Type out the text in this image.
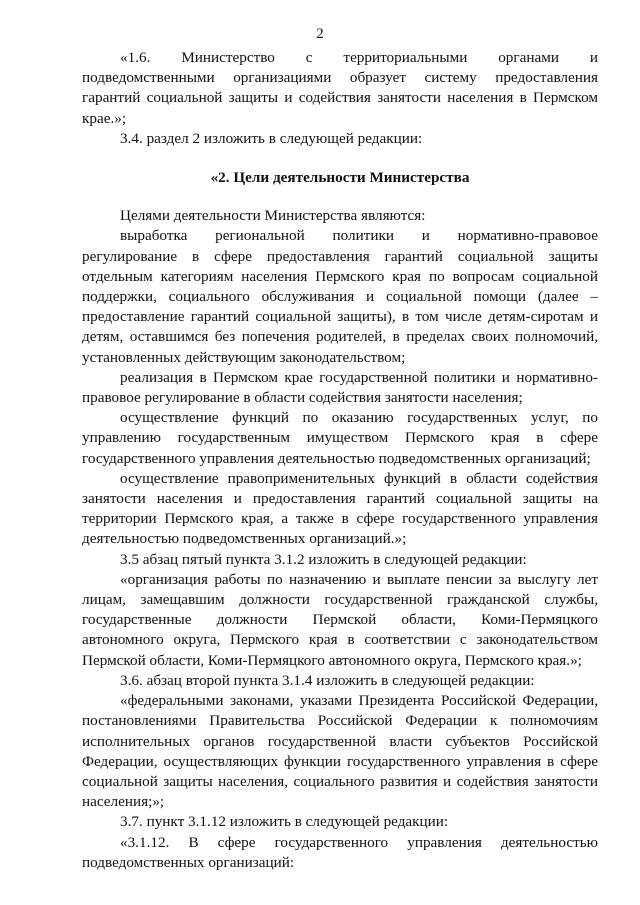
2

«1.6. Министерство с территориальными органами и подведомственными организациями образует систему предоставления гарантий социальной защиты и содействия занятости населения в Пермском крае.»;

3.4. раздел 2 изложить в следующей редакции:

«2. Цели деятельности Министерства

Целями деятельности Министерства являются:

выработка региональной политики и нормативно-правовое регулирование в сфере предоставления гарантий социальной защиты отдельным категориям населения Пермского края по вопросам социальной поддержки, социального обслуживания и социальной помощи (далее – предоставление гарантий социальной защиты), в том числе детям-сиротам и детям, оставшимся без попечения родителей, в пределах своих полномочий, установленных действующим законодательством;

реализация в Пермском крае государственной политики и нормативно-правовое регулирование в области содействия занятости населения;

осуществление функций по оказанию государственных услуг, по управлению государственным имуществом Пермского края в сфере государственного управления деятельностью подведомственных организаций;

осуществление правоприменительных функций в области содействия занятости населения и предоставления гарантий социальной защиты на территории Пермского края, а также в сфере государственного управления деятельностью подведомственных организаций.»;

3.5 абзац пятый пункта 3.1.2 изложить в следующей редакции:

«организация работы по назначению и выплате пенсии за выслугу лет лицам, замещавшим должности государственной гражданской службы, государственные должности Пермской области, Коми-Пермяцкого автономного округа, Пермского края в соответствии с законодательством Пермской области, Коми-Пермяцкого автономного округа, Пермского края.»;

3.6. абзац второй пункта 3.1.4 изложить в следующей редакции:

«федеральными законами, указами Президента Российской Федерации, постановлениями Правительства Российской Федерации к полномочиям исполнительных органов государственной власти субъектов Российской Федерации, осуществляющих функции государственного управления в сфере социальной защиты населения, социального развития и содействия занятости населения;»;

3.7. пункт 3.1.12 изложить в следующей редакции:

«3.1.12. В сфере государственного управления деятельностью подведомственных организаций:
